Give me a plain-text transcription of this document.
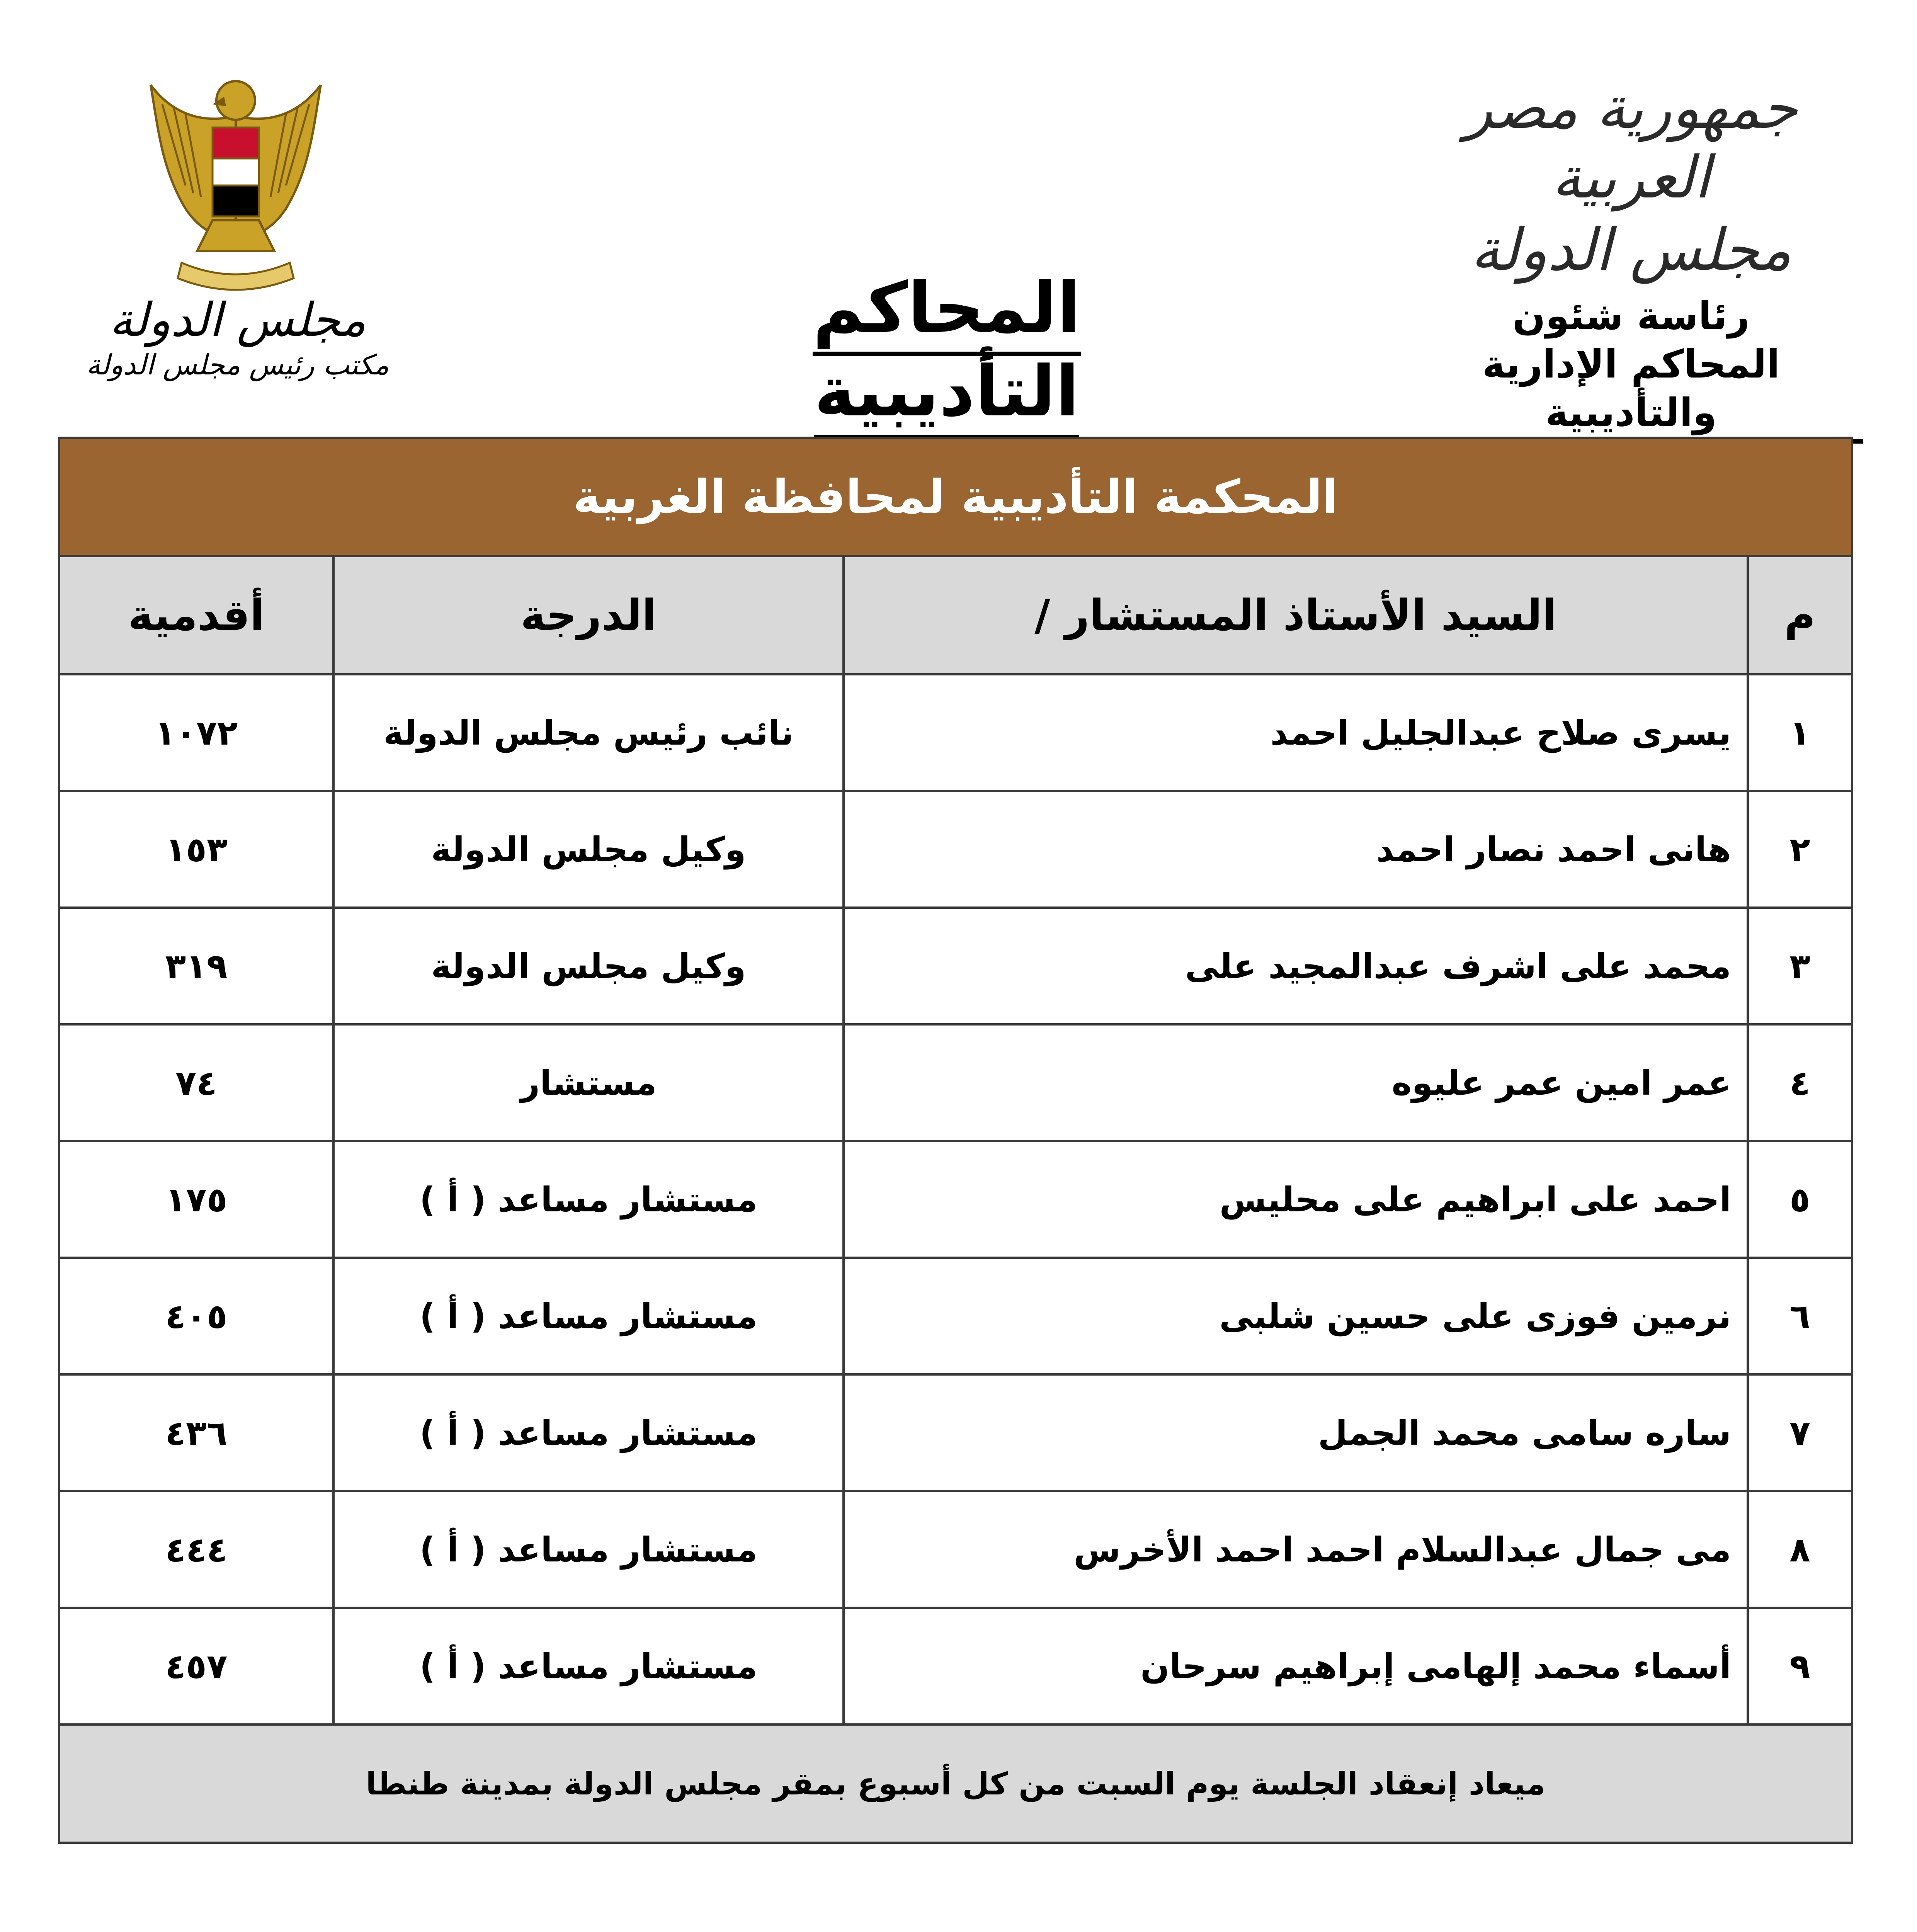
جمهورية مصر العربية
مجلس الدولة
رئاسة شئون
المحاكم الإدارية والتأديبية
المحاكم التأديبية
مجلس الدولة
مكتب رئيس مجلس الدولة
المحكمة التأديبية لمحافظة الغربية			
م	السيد الأستاذ المستشار /	الدرجة	أقدمية
١	يسرى صلاح عبدالجليل احمد	نائب رئيس مجلس الدولة	١٠٧٢
٢	هانى احمد نصار احمد	وكيل مجلس الدولة	١٥٣
٣	محمد على اشرف عبدالمجيد على	وكيل مجلس الدولة	٣١٩
٤	عمر امين عمر عليوه	مستشار	٧٤
٥	احمد على ابراهيم على محليس	مستشار مساعد ( أ )	١٧٥
٦	نرمين فوزى على حسين شلبى	مستشار مساعد ( أ )	٤٠٥
٧	ساره سامى محمد الجمل	مستشار مساعد ( أ )	٤٣٦
٨	مى جمال عبدالسلام احمد احمد الأخرس	مستشار مساعد ( أ )	٤٤٤
٩	أسماء محمد إلهامى إبراهيم سرحان	مستشار مساعد ( أ )	٤٥٧
ميعاد إنعقاد الجلسة يوم السبت من كل أسبوع بمقر مجلس الدولة بمدينة طنطا			
